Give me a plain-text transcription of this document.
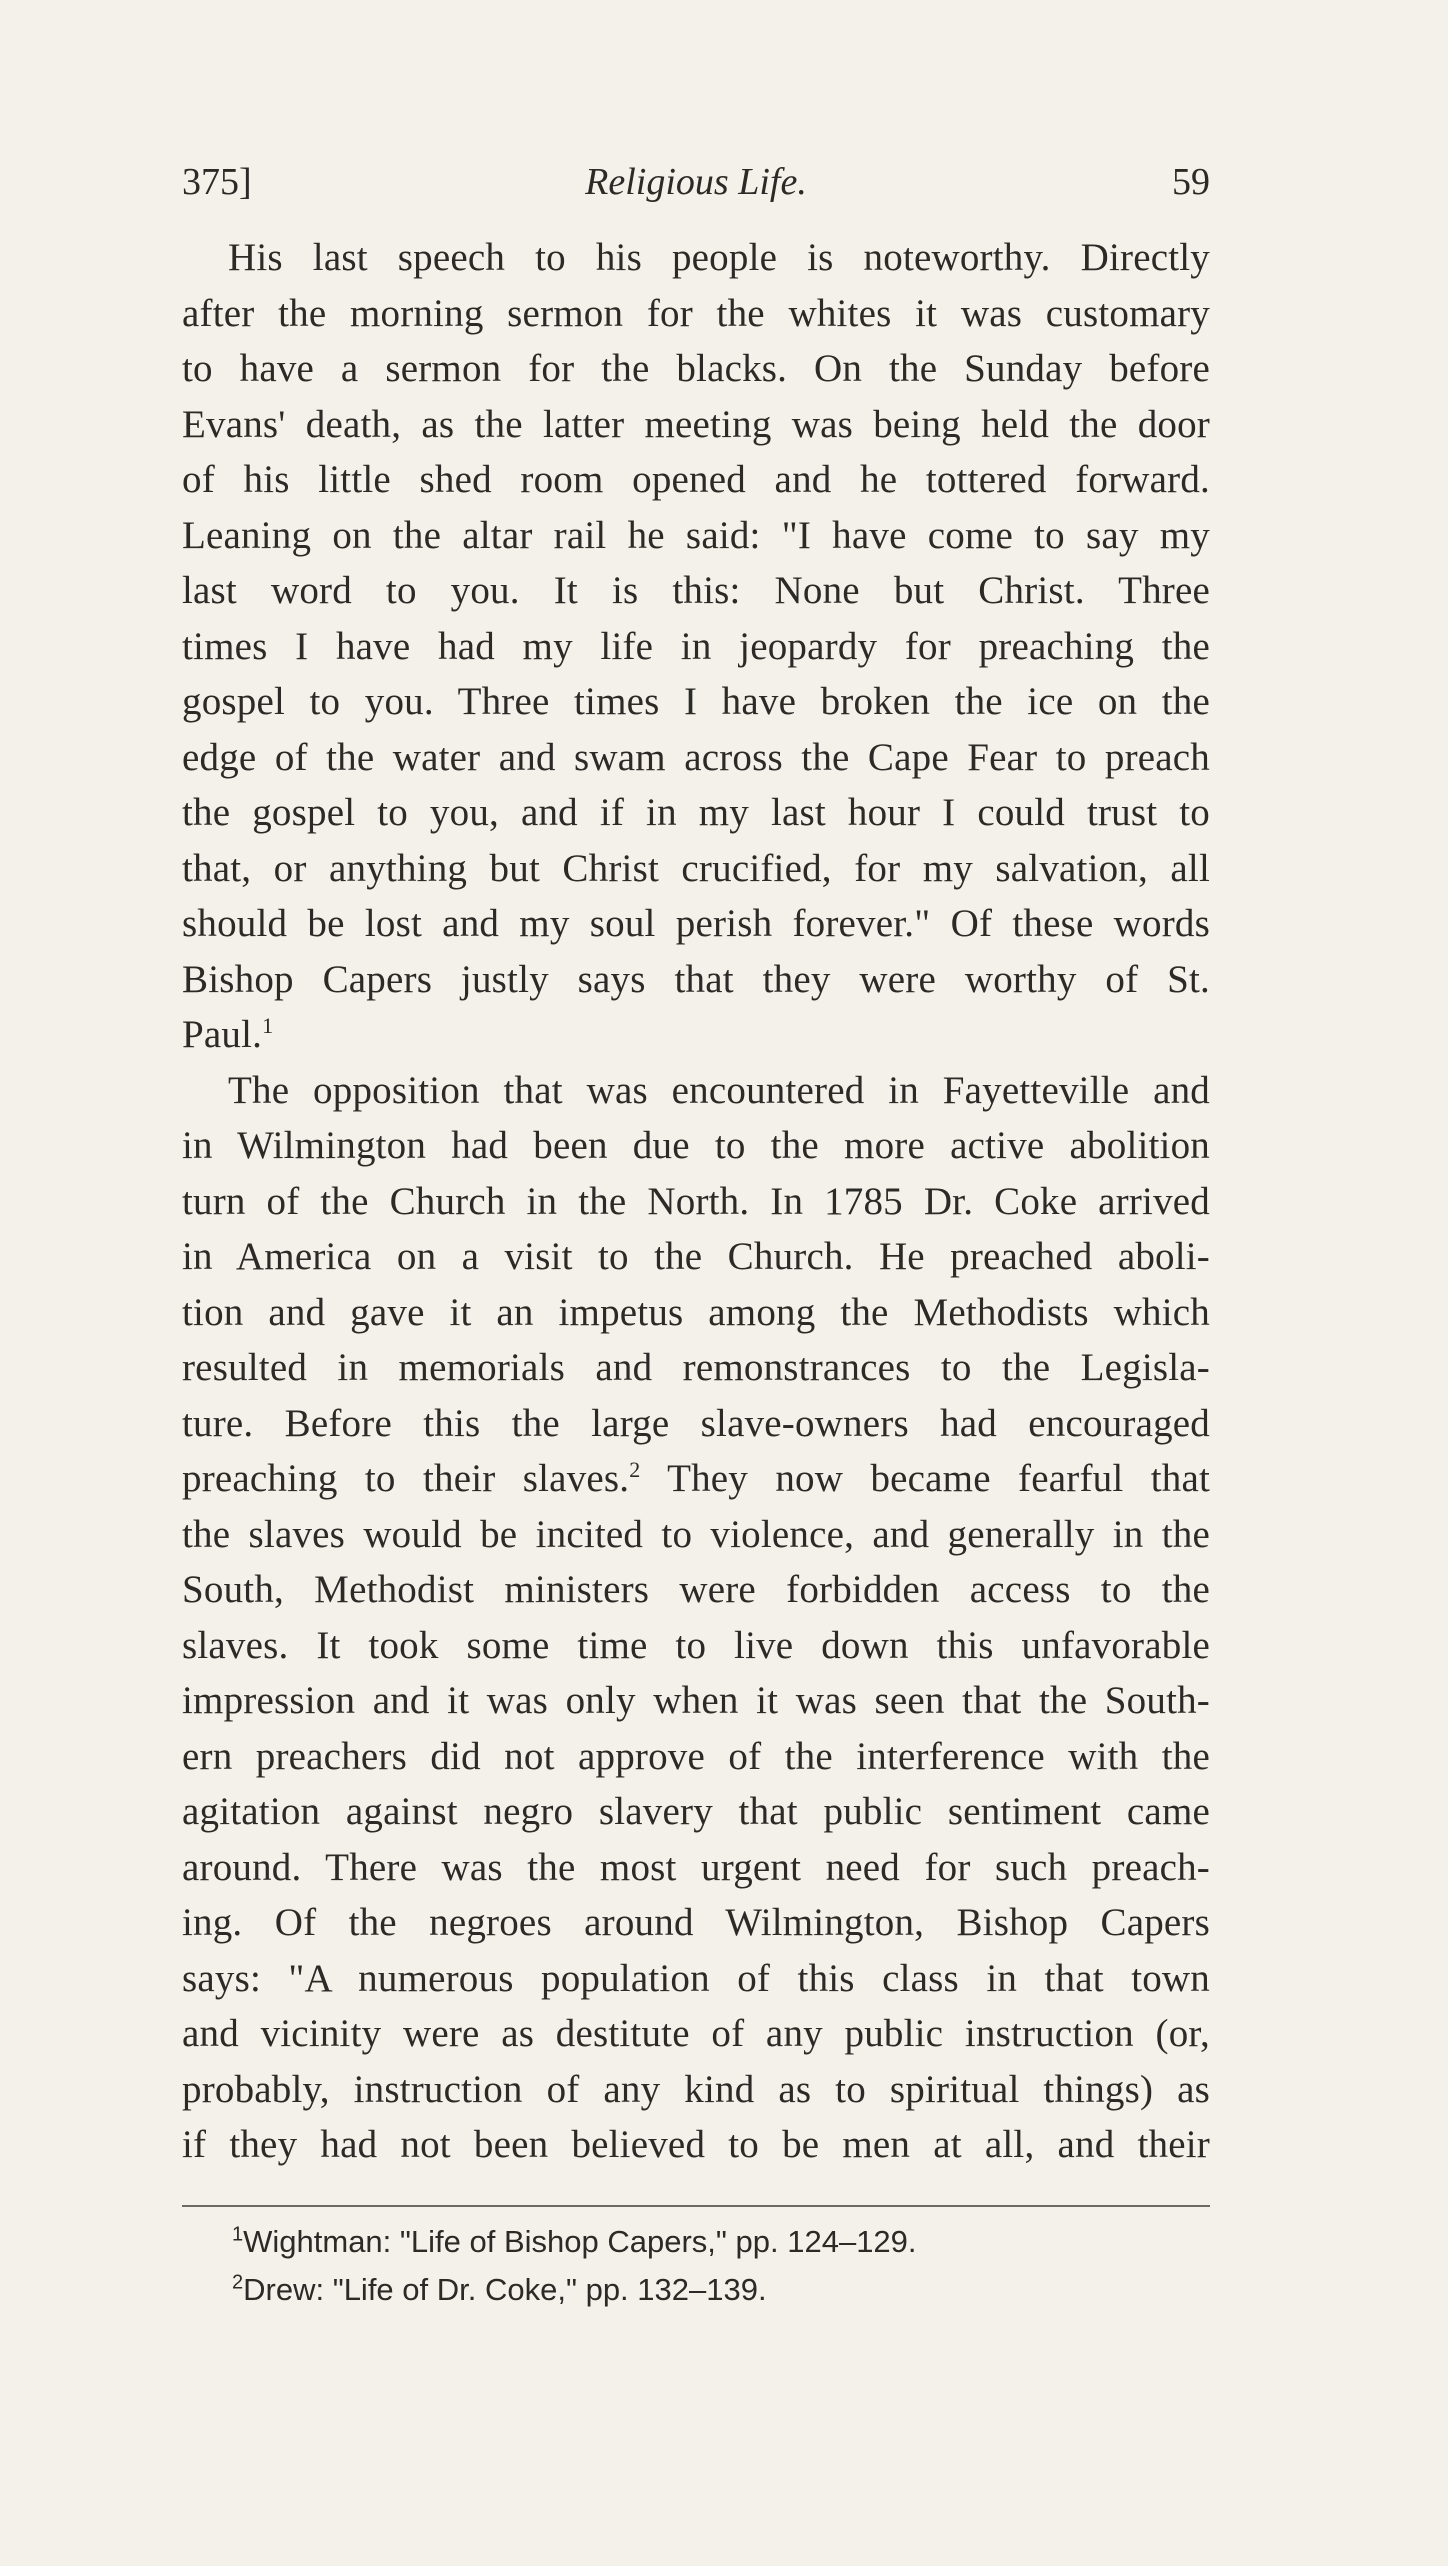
375]	Religious Life.	59
His last speech to his people is noteworthy. Directly
after the morning sermon for the whites it was customary
to have a sermon for the blacks. On the Sunday before
Evans' death, as the latter meeting was being held the door
of his little shed room opened and he tottered forward.
Leaning on the altar rail he said: "I have come to say my
last word to you. It is this: None but Christ. Three
times I have had my life in jeopardy for preaching the
gospel to you. Three times I have broken the ice on the
edge of the water and swam across the Cape Fear to preach
the gospel to you, and if in my last hour I could trust to
that, or anything but Christ crucified, for my salvation, all
should be lost and my soul perish forever." Of these words
Bishop Capers justly says that they were worthy of St.
Paul.$^1$
The opposition that was encountered in Fayetteville and
in Wilmington had been due to the more active abolition
turn of the Church in the North. In 1785 Dr. Coke arrived
in America on a visit to the Church. He preached aboli-
tion and gave it an impetus among the Methodists which
resulted in memorials and remonstrances to the Legisla-
ture. Before this the large slave-owners had encouraged
preaching to their slaves.$^2$ They now became fearful that
the slaves would be incited to violence, and generally in the
South, Methodist ministers were forbidden access to the
slaves. It took some time to live down this unfavorable
impression and it was only when it was seen that the South-
ern preachers did not approve of the interference with the
agitation against negro slavery that public sentiment came
around. There was the most urgent need for such preach-
ing. Of the negroes around Wilmington, Bishop Capers
says: "A numerous population of this class in that town
and vicinity were as destitute of any public instruction (or,
probably, instruction of any kind as to spiritual things) as
if they had not been believed to be men at all, and their
$^1$Wightman: "Life of Bishop Capers," pp. 124–129.
$^2$Drew: "Life of Dr. Coke," pp. 132–139.
